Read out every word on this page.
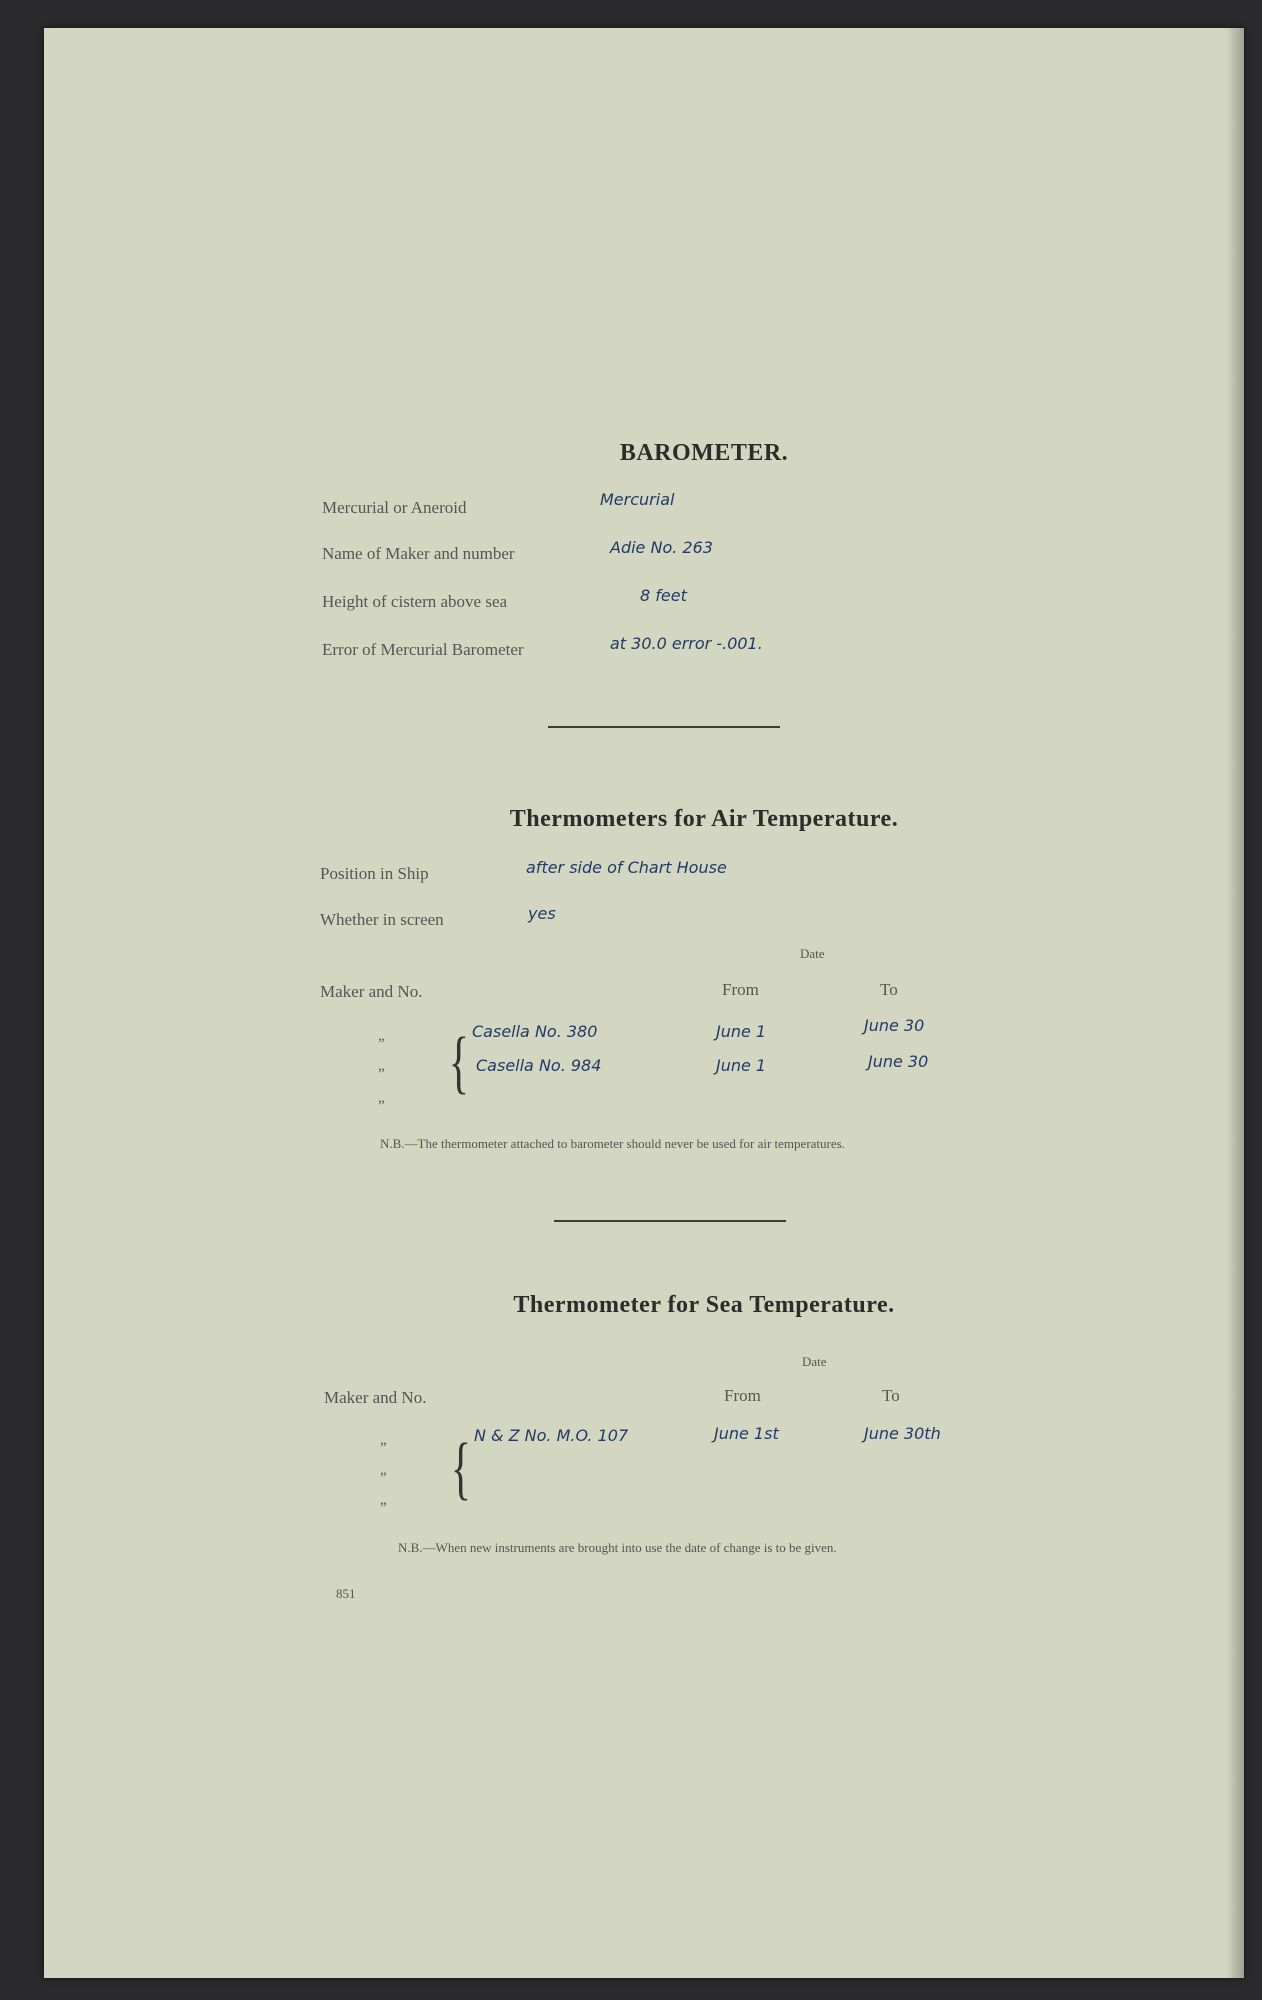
BAROMETER.
Mercurial or Aneroid	Mercurial
Name of Maker and number	Adie No. 263
Height of cistern above sea	8 feet
Error of Mercurial Barometer	at 30.0 error -.001.
Thermometers for Air Temperature.
Position in Ship	after side of Chart House
Whether in screen	yes
Date
Maker and No.	From	To
”
”
”
{ Casella No. 380	June 1	June 30
Casella No. 984	June 1	June 30
N.B.—The thermometer attached to barometer should never be used for air temperatures.
Thermometer for Sea Temperature.
Date
Maker and No.	From	To
”
”
”
{ N & Z No. M.O. 107	June 1st	June 30th
N.B.—When new instruments are brought into use the date of change is to be given.
851
